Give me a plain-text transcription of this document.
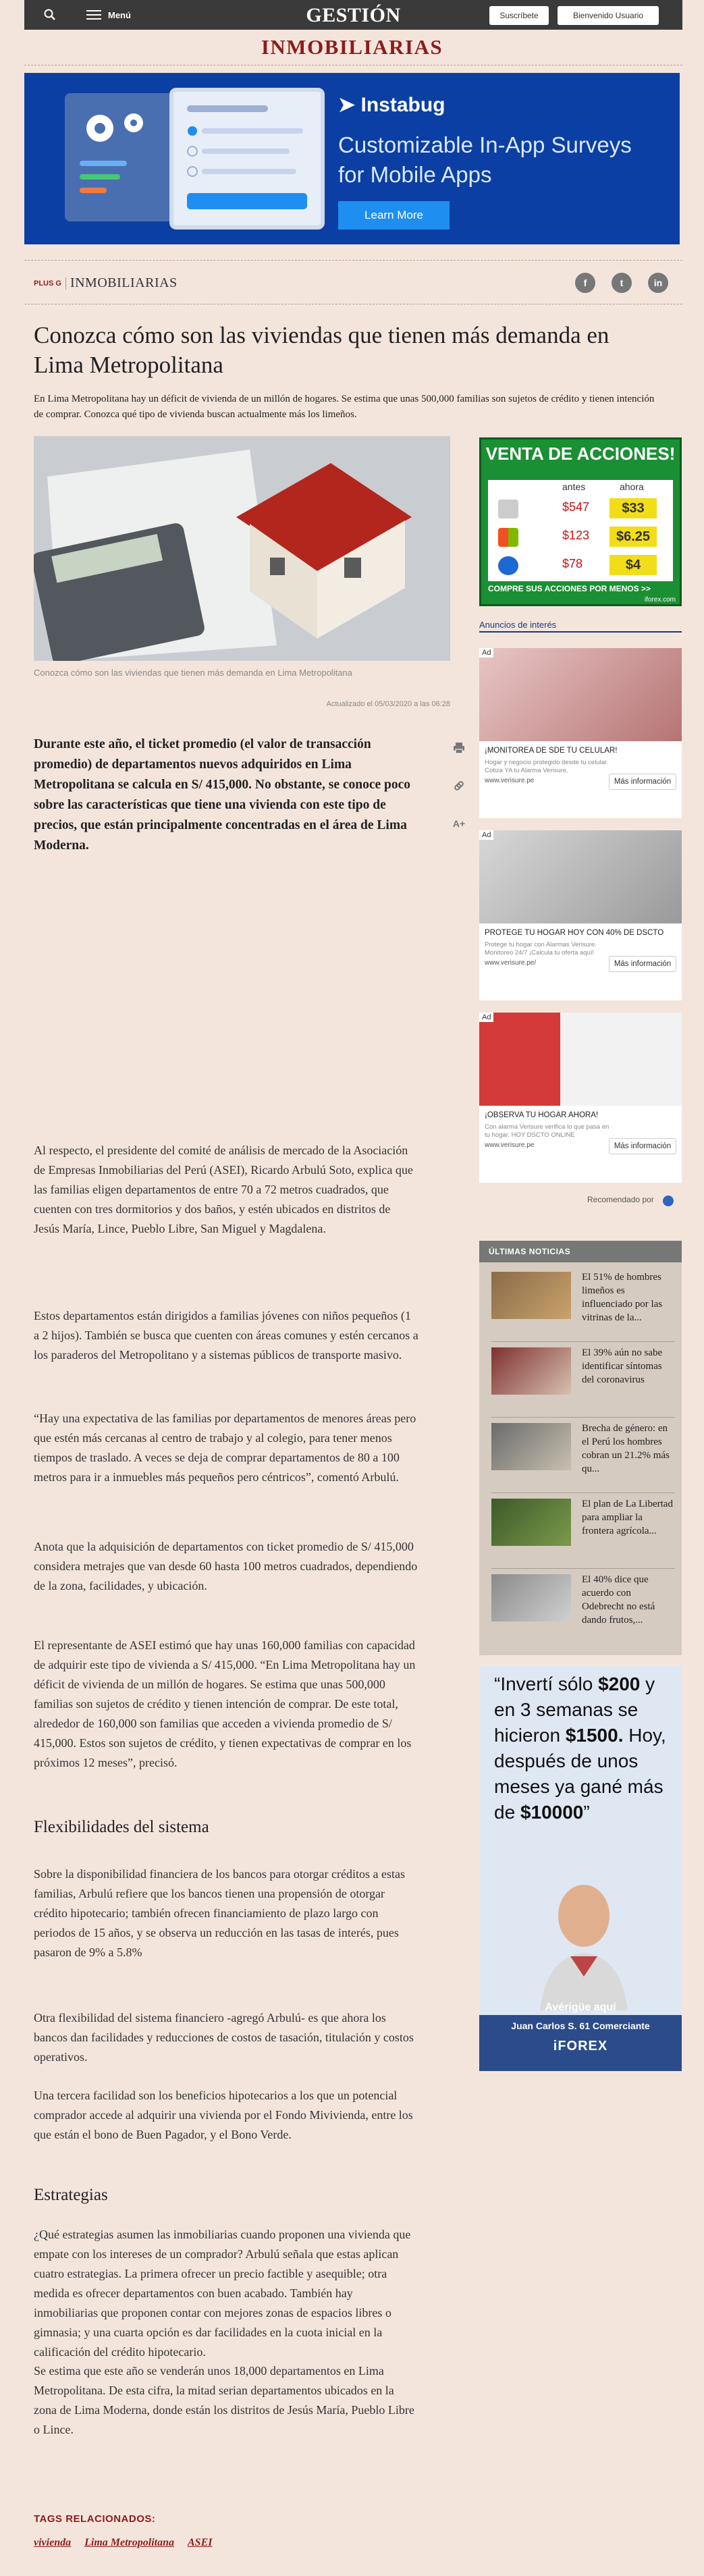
Menú	GESTIÓN	Suscríbete	Bienvenido Usuario
INMOBILIARIAS
➤ Instabug
Customizable In-App Surveys for Mobile Apps
Learn More
PLUS G INMOBILIARIAS	f	t	in
Conozca cómo son las viviendas que tienen más demanda en Lima Metropolitana

En Lima Metropolitana hay un déficit de vivienda de un millón de hogares. Se estima que unas 500,000 familias son sujetos de crédito y tienen intención de comprar. Conozca qué tipo de vivienda buscan actualmente más los limeños.

Conozca cómo son las viviendas que tienen más demanda en Lima Metropolitana
Actualizado el 05/03/2020 a las 06:28
A+

Durante este año, el ticket promedio (el valor de transacción promedio) de departamentos nuevos adquiridos en Lima Metropolitana se calcula en S/ 415,000. No obstante, se conoce poco sobre las características que tiene una vivienda con este tipo de precios, que están principalmente concentradas en el área de Lima Moderna.

Al respecto, el presidente del comité de análisis de mercado de la Asociación de Empresas Inmobiliarias del Perú (ASEI), Ricardo Arbulú Soto, explica que las familias eligen departamentos de entre 70 a 72 metros cuadrados, que cuenten con tres dormitorios y dos baños, y estén ubicados en distritos de Jesús María, Lince, Pueblo Libre, San Miguel y Magdalena.

Estos departamentos están dirigidos a familias jóvenes con niños pequeños (1 a 2 hijos). También se busca que cuenten con áreas comunes y estén cercanos a los paraderos del Metropolitano y a sistemas públicos de transporte masivo.

“Hay una expectativa de las familias por departamentos de menores áreas pero que estén más cercanas al centro de trabajo y al colegio, para tener menos tiempos de traslado. A veces se deja de comprar departamentos de 80 a 100 metros para ir a inmuebles más pequeños pero céntricos”, comentó Arbulú.

Anota que la adquisición de departamentos con ticket promedio de S/ 415,000 considera metrajes que van desde 60 hasta 100 metros cuadrados, dependiendo de la zona, facilidades, y ubicación.

El representante de ASEI estimó que hay unas 160,000 familias con capacidad de adquirir este tipo de vivienda a S/ 415,000. “En Lima Metropolitana hay un déficit de vivienda de un millón de hogares. Se estima que unas 500,000 familias son sujetos de crédito y tienen intención de comprar. De este total, alrededor de 160,000 son familias que acceden a vivienda promedio de S/ 415,000. Estos son sujetos de crédito, y tienen expectativas de comprar en los próximos 12 meses”, precisó.

Flexibilidades del sistema

Sobre la disponibilidad financiera de los bancos para otorgar créditos a estas familias, Arbulú refiere que los bancos tienen una propensión de otorgar crédito hipotecario; también ofrecen financiamiento de plazo largo con periodos de 15 años, y se observa un reducción en las tasas de interés, pues pasaron de 9% a 5.8%

Otra flexibilidad del sistema financiero -agregó Arbulú- es que ahora los bancos dan facilidades y reducciones de costos de tasación, titulación y costos operativos.

Una tercera facilidad son los beneficios hipotecarios a los que un potencial comprador accede al adquirir una vivienda por el Fondo Mivivienda, entre los que están el bono de Buen Pagador, y el Bono Verde.

Estrategias

¿Qué estrategias asumen las inmobiliarias cuando proponen una vivienda que empate con los intereses de un comprador? Arbulú señala que estas aplican cuatro estrategias. La primera ofrecer un precio factible y asequible; otra medida es ofrecer departamentos con buen acabado. También hay inmobiliarias que proponen contar con mejores zonas de espacios libres o gimnasia; y una cuarta opción es dar facilidades en la cuota inicial en la calificación del crédito hipotecario.

Se estima que este año se venderán unos 18,000 departamentos en Lima Metropolitana. De esta cifra, la mitad serian departamentos ubicados en la zona de Lima Moderna, donde están los distritos de Jesús María, Pueblo Libre o Lince.

TAGS RELACIONADOS:
vivienda Lima Metropolitana ASEI
VENTA DE ACCIONES!
antes	ahora
$547	$33
$123	$6.25
$78	$4
COMPRE SUS ACCIONES POR MENOS >>
iforex.com
Anuncios de interés
Ad
¡MONITOREA DE SDE TU CELULAR!
Hogar y negocio protegido desde tu celular. Cotiza YA tu Alarma Verisure.
www.verisure.pe	Más información
Ad
PROTEGE TU HOGAR HOY CON 40% DE DSCTO
Protege tu hogar con Alarmas Verisure. Monitoreo 24/7 ¡Calcula tu oferta aquí!
www.verisure.pe/	Más información
Ad
¡OBSERVA TU HOGAR AHORA!
Con alarma Verisure verifica lo que pasa en tu hogar. HOY DSCTO ONLINE
www.verisure.pe	Más información
Recomendado por
ÚLTIMAS NOTICIAS
El 51% de hombres limeños es influenciado por las vitrinas de la...
El 39% aún no sabe identificar síntomas del coronavirus
Brecha de género: en el Perú los hombres cobran un 21.2% más qu...
El plan de La Libertad para ampliar la frontera agrícola...
El 40% dice que acuerdo con Odebrecht no está dando frutos,...
“Invertí sólo $200 y en 3 semanas se hicieron $1500. Hoy, después de unos meses ya gané más de $10000”
Avérigüe aquí
Juan Carlos S. 61 Comerciante
iFOREX
